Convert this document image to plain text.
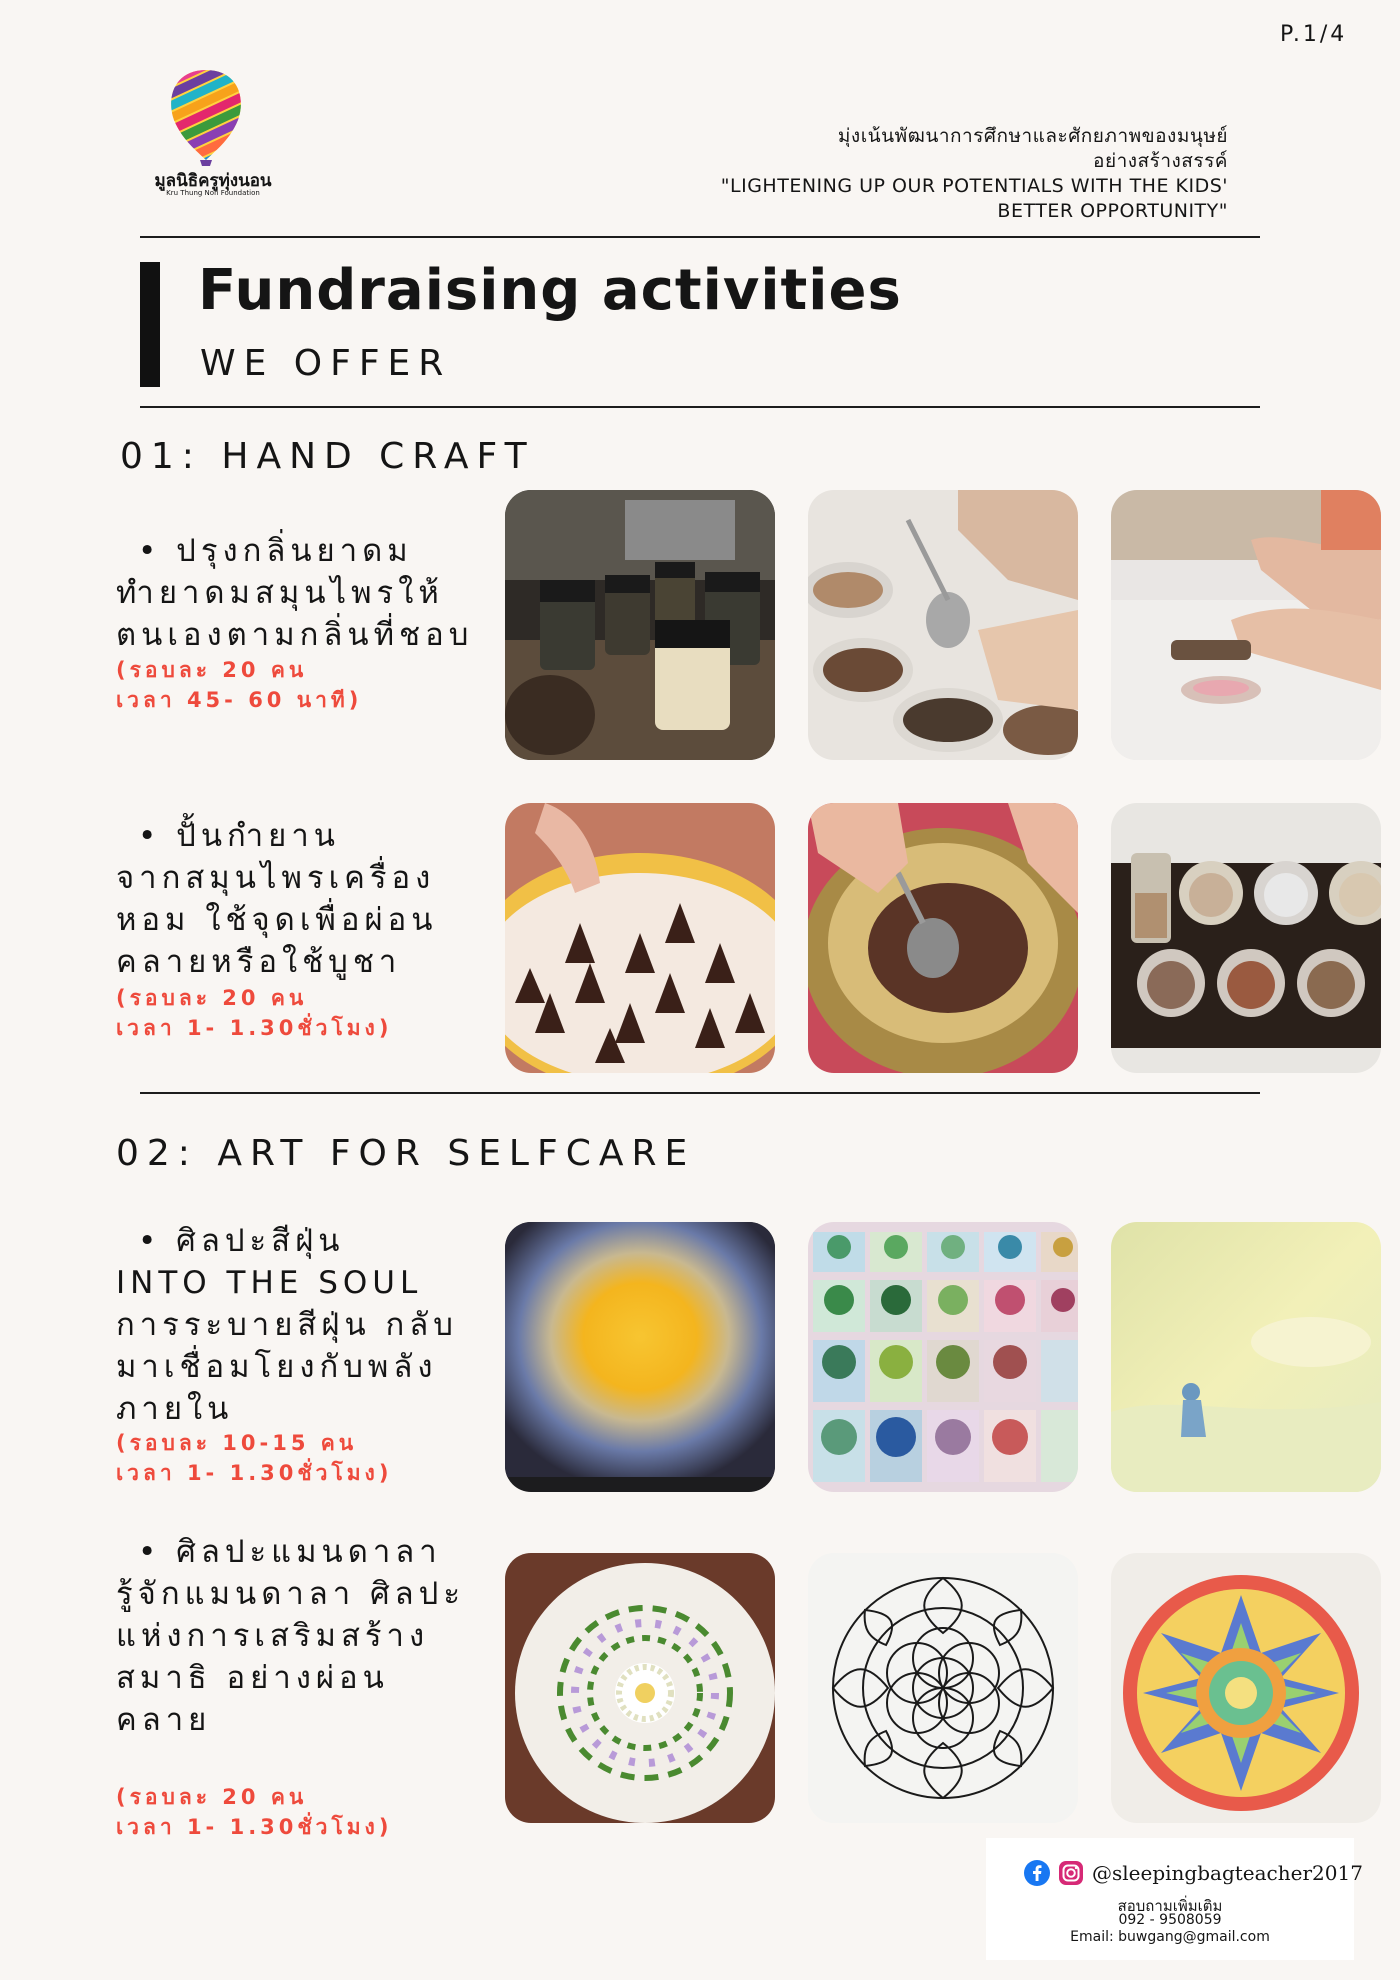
P.1/4
มูลนิธิครูทุ่งนอน
Kru Thung Non Foundation
มุ่งเน้นพัฒนาการศึกษาและศักยภาพของมนุษย์
อย่างสร้างสรรค์
"LIGHTENING UP OUR POTENTIALS WITH THE KIDS'
BETTER OPPORTUNITY"
Fundraising activities
WE OFFER
01: HAND CRAFT
• ปรุงกลิ่นยาดม
ทำยาดมสมุนไพรให้
ตนเองตามกลิ่นที่ชอบ
(รอบละ 20 คน
เวลา 45- 60 นาที)
• ปั้นกำยาน
จากสมุนไพรเครื่อง
หอม ใช้จุดเพื่อผ่อน
คลายหรือใช้บูชา
(รอบละ 20 คน
เวลา 1- 1.30ชั่วโมง)
02: ART FOR SELFCARE
• ศิลปะสีฝุ่น
INTO THE SOUL
การระบายสีฝุ่น กลับ
มาเชื่อมโยงกับพลัง
ภายใน
(รอบละ 10-15 คน
เวลา 1- 1.30ชั่วโมง)
• ศิลปะแมนดาลา
รู้จักแมนดาลา ศิลปะ
แห่งการเสริมสร้าง
สมาธิ อย่างผ่อน
คลาย
(รอบละ 20 คน
เวลา 1- 1.30ชั่วโมง)
@sleepingbagteacher2017
สอบถามเพิ่มเติม
092 - 9508059
Email: buwgang@gmail.com
